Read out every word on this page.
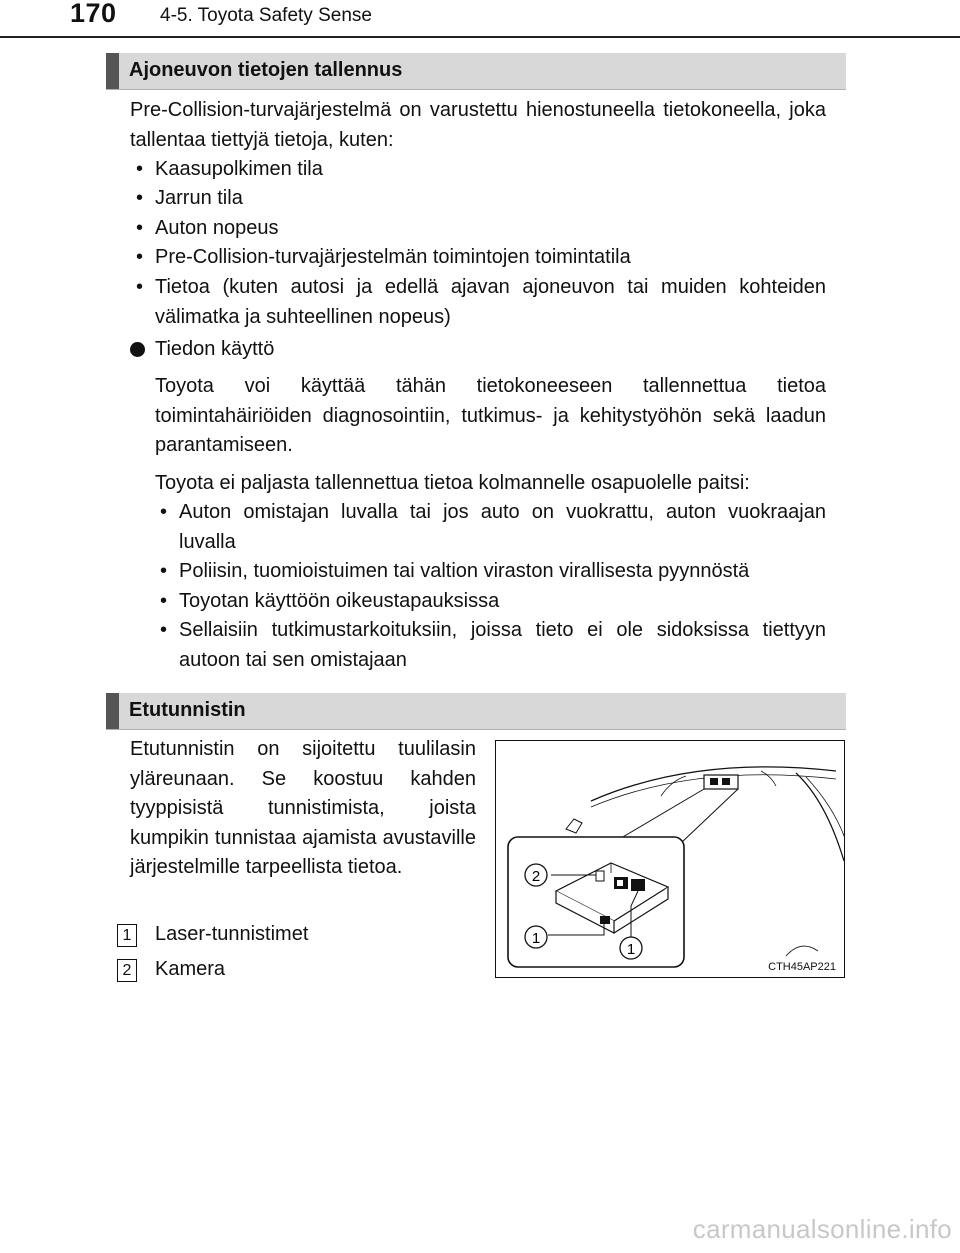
170 4-5. Toyota Safety Sense
Ajoneuvon tietojen tallennus

Pre-Collision-turvajärjestelmä on varustettu hienostuneella tietokoneella, joka tallentaa tiettyjä tietoja, kuten:

• Kaasupolkimen tila
• Jarrun tila
• Auton nopeus
• Pre-Collision-turvajärjestelmän toimintojen toimintatila
• Tietoa (kuten autosi ja edellä ajavan ajoneuvon tai muiden kohteiden välimatka ja suhteellinen nopeus)
Tiedon käyttö

Toyota voi käyttää tähän tietokoneeseen tallennettua tietoa toimintahäiriöiden diagnosointiin, tutkimus- ja kehitystyöhön sekä laadun parantamiseen.

Toyota ei paljasta tallennettua tietoa kolmannelle osapuolelle paitsi:

• Auton omistajan luvalla tai jos auto on vuokrattu, auton vuokraajan luvalla
• Poliisin, tuomioistuimen tai valtion viraston virallisesta pyynnöstä
• Toyotan käyttöön oikeustapauksissa
• Sellaisiin tutkimustarkoituksiin, joissa tieto ei ole sidoksissa tiettyyn autoon tai sen omistajaan
Etutunnistin

Etutunnistin on sijoitettu tuulilasin yläreunaan. Se koostuu kahden tyyppisistä tunnistimista, joista kumpikin tunnistaa ajamista avustaville järjestelmille tarpeellista tietoa.

1 Laser-tunnistimet
2 Kamera
2
1
1
CTH45AP221
carmanualsonline.info
